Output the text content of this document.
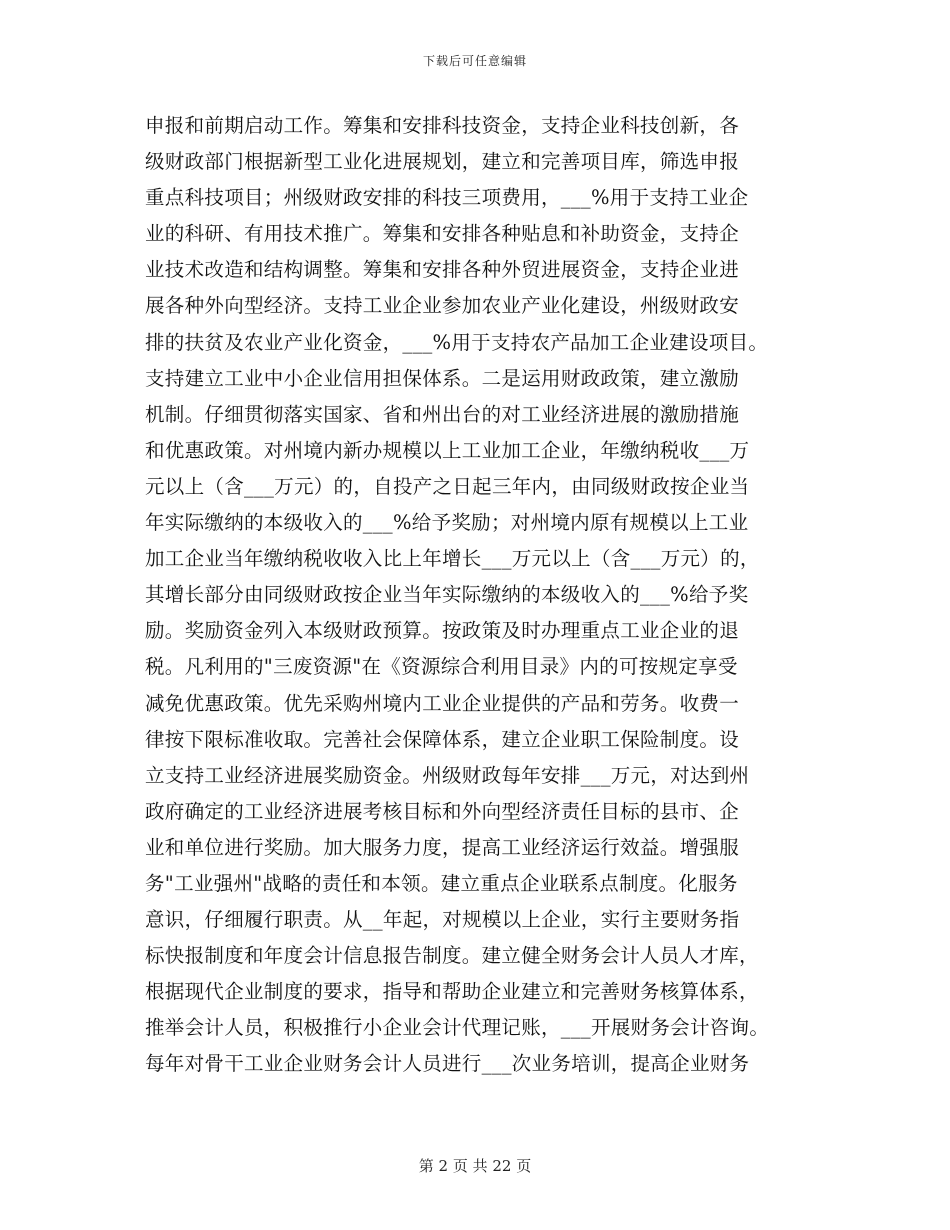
下载后可任意编辑
申报和前期启动工作。筹集和安排科技资金，支持企业科技创新，各
级财政部门根据新型工业化进展规划，建立和完善项目库，筛选申报
重点科技项目；州级财政安排的科技三项费用，___%用于支持工业企
业的科研、有用技术推广。筹集和安排各种贴息和补助资金，支持企
业技术改造和结构调整。筹集和安排各种外贸进展资金，支持企业进
展各种外向型经济。支持工业企业参加农业产业化建设，州级财政安
排的扶贫及农业产业化资金，___%用于支持农产品加工企业建设项目。
支持建立工业中小企业信用担保体系。二是运用财政政策，建立激励
机制。仔细贯彻落实国家、省和州出台的对工业经济进展的激励措施
和优惠政策。对州境内新办规模以上工业加工企业，年缴纳税收___万
元以上（含___万元）的，自投产之日起三年内，由同级财政按企业当
年实际缴纳的本级收入的___%给予奖励；对州境内原有规模以上工业
加工企业当年缴纳税收收入比上年增长___万元以上（含___万元）的，
其增长部分由同级财政按企业当年实际缴纳的本级收入的___%给予奖
励。奖励资金列入本级财政预算。按政策及时办理重点工业企业的退
税。凡利用的"三废资源"在《资源综合利用目录》内的可按规定享受
减免优惠政策。优先采购州境内工业企业提供的产品和劳务。收费一
律按下限标准收取。完善社会保障体系，建立企业职工保险制度。设
立支持工业经济进展奖励资金。州级财政每年安排___万元，对达到州
政府确定的工业经济进展考核目标和外向型经济责任目标的县市、企
业和单位进行奖励。加大服务力度，提高工业经济运行效益。增强服
务"工业强州"战略的责任和本领。建立重点企业联系点制度。化服务
意识，仔细履行职责。从__年起，对规模以上企业，实行主要财务指
标快报制度和年度会计信息报告制度。建立健全财务会计人员人才库，
根据现代企业制度的要求，指导和帮助企业建立和完善财务核算体系，
推举会计人员，积极推行小企业会计代理记账，___开展财务会计咨询。
每年对骨干工业企业财务会计人员进行___次业务培训，提高企业财务
第 2 页 共 22 页
